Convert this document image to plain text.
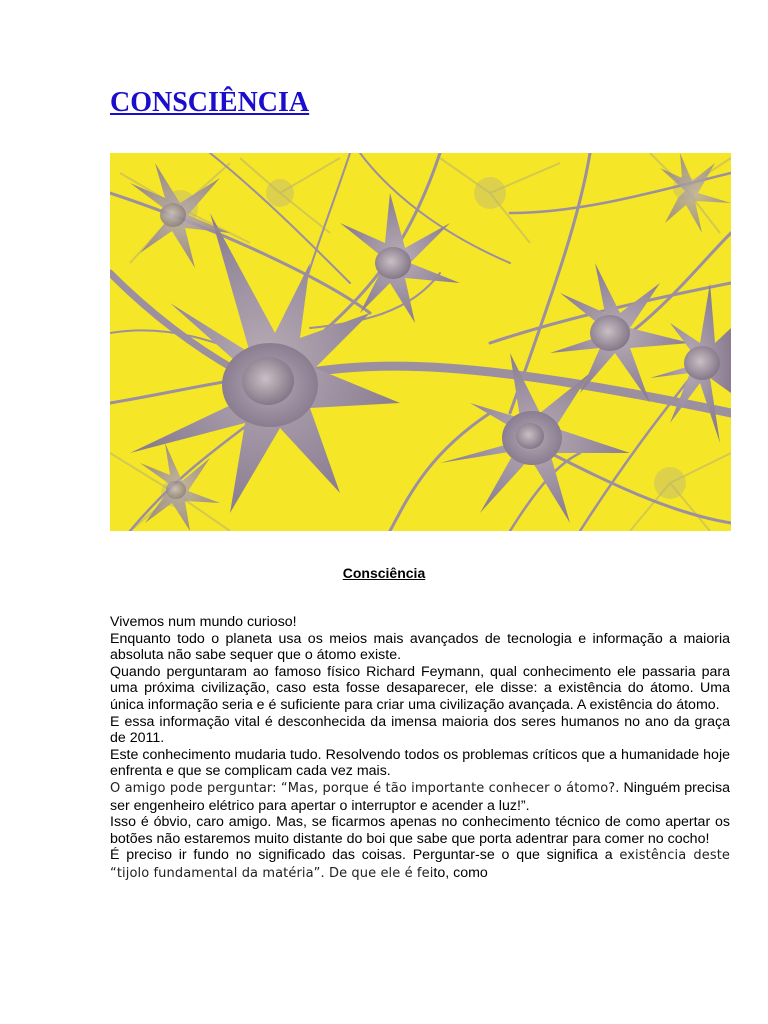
CONSCIÊNCIA
Consciência

Vivemos num mundo curioso!

Enquanto todo o planeta usa os meios mais avançados de tecnologia e informação a maioria absoluta não sabe sequer que o átomo existe.

Quando perguntaram ao famoso físico Richard Feymann, qual conhecimento ele passaria para uma próxima civilização, caso esta fosse desaparecer, ele disse: a existência do átomo. Uma única informação seria e é suficiente para criar uma civilização avançada. A existência do átomo.

E essa informação vital é desconhecida da imensa maioria dos seres humanos no ano da graça de 2011.

Este conhecimento mudaria tudo. Resolvendo todos os problemas críticos que a humanidade hoje enfrenta e que se complicam cada vez mais.

O amigo pode perguntar: “Mas, porque é tão importante conhecer o átomo?. Ninguém precisa ser engenheiro elétrico para apertar o interruptor e acender a luz!”.

Isso é óbvio, caro amigo. Mas, se ficarmos apenas no conhecimento técnico de como apertar os botões não estaremos muito distante do boi que sabe que porta adentrar para comer no cocho!

É preciso ir fundo no significado das coisas. Perguntar-se o que significa a existência deste “tijolo fundamental da matéria”. De que ele é feito, como
